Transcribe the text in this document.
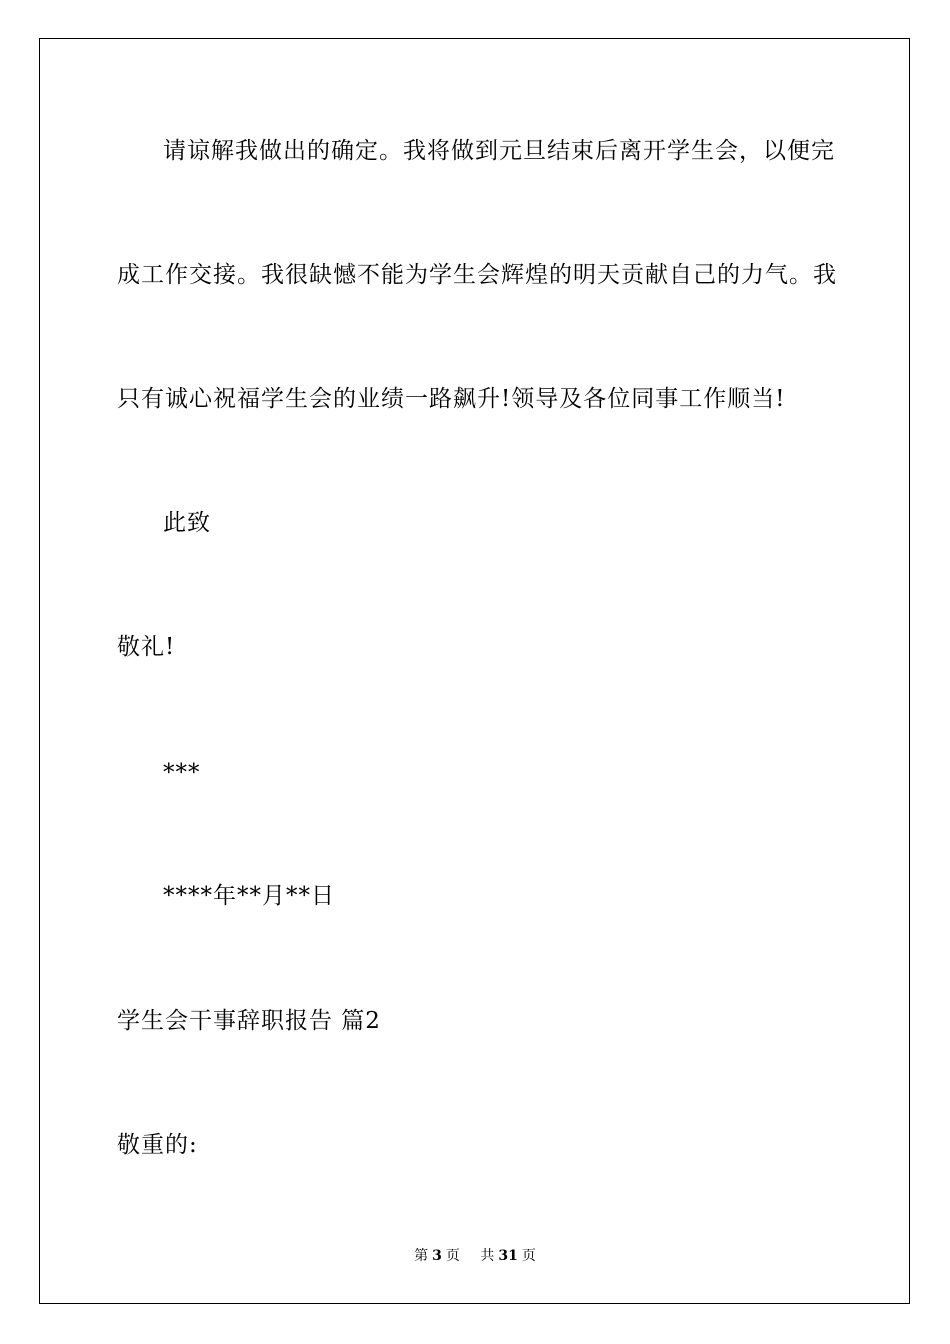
请谅解我做出的确定。我将做到元旦结束后离开学生会，以便完
成工作交接。我很缺憾不能为学生会辉煌的明天贡献自己的力气。我
只有诚心祝福学生会的业绩一路飙升!领导及各位同事工作顺当!
此致
敬礼!
***
****年**月**日
学生会干事辞职报告 篇2
敬重的:
第 3 页 共 31 页
